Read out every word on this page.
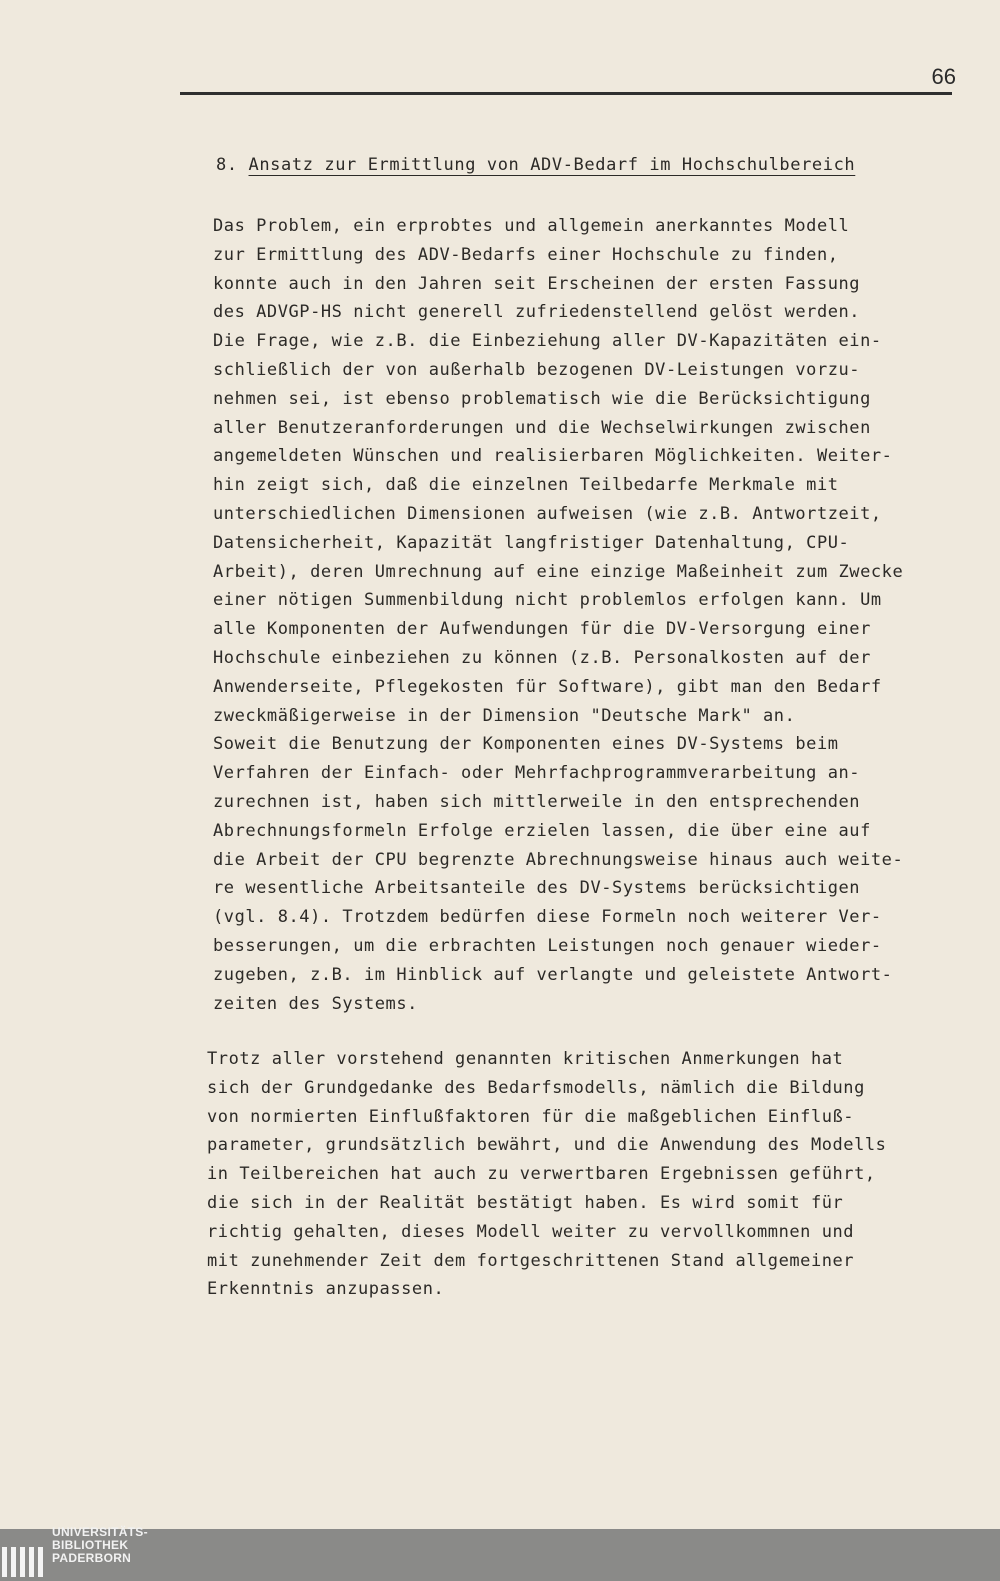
66
8. Ansatz zur Ermittlung von ADV-Bedarf im Hochschulbereich
Das Problem, ein erprobtes und allgemein anerkanntes Modell
zur Ermittlung des ADV-Bedarfs einer Hochschule zu finden,
konnte auch in den Jahren seit Erscheinen der ersten Fassung
des ADVGP-HS nicht generell zufriedenstellend gelöst werden.
Die Frage, wie z.B. die Einbeziehung aller DV-Kapazitäten ein-
schließlich der von außerhalb bezogenen DV-Leistungen vorzu-
nehmen sei, ist ebenso problematisch wie die Berücksichtigung
aller Benutzeranforderungen und die Wechselwirkungen zwischen
angemeldeten Wünschen und realisierbaren Möglichkeiten. Weiter-
hin zeigt sich, daß die einzelnen Teilbedarfe Merkmale mit
unterschiedlichen Dimensionen aufweisen (wie z.B. Antwortzeit,
Datensicherheit, Kapazität langfristiger Datenhaltung, CPU-
Arbeit), deren Umrechnung auf eine einzige Maßeinheit zum Zwecke
einer nötigen Summenbildung nicht problemlos erfolgen kann. Um
alle Komponenten der Aufwendungen für die DV-Versorgung einer
Hochschule einbeziehen zu können (z.B. Personalkosten auf der
Anwenderseite, Pflegekosten für Software), gibt man den Bedarf
zweckmäßigerweise in der Dimension "Deutsche Mark" an.
Soweit die Benutzung der Komponenten eines DV-Systems beim
Verfahren der Einfach- oder Mehrfachprogrammverarbeitung an-
zurechnen ist, haben sich mittlerweile in den entsprechenden
Abrechnungsformeln Erfolge erzielen lassen, die über eine auf
die Arbeit der CPU begrenzte Abrechnungsweise hinaus auch weite-
re wesentliche Arbeitsanteile des DV-Systems berücksichtigen
(vgl. 8.4). Trotzdem bedürfen diese Formeln noch weiterer Ver-
besserungen, um die erbrachten Leistungen noch genauer wieder-
zugeben, z.B. im Hinblick auf verlangte und geleistete Antwort-
zeiten des Systems.
Trotz aller vorstehend genannten kritischen Anmerkungen hat
sich der Grundgedanke des Bedarfsmodells, nämlich die Bildung
von normierten Einflußfaktoren für die maßgeblichen Einfluß-
parameter, grundsätzlich bewährt, und die Anwendung des Modells
in Teilbereichen hat auch zu verwertbaren Ergebnissen geführt,
die sich in der Realität bestätigt haben. Es wird somit für
richtig gehalten, dieses Modell weiter zu vervollkommnen und
mit zunehmender Zeit dem fortgeschrittenen Stand allgemeiner
Erkenntnis anzupassen.
UNIVERSITÄTS-
BIBLIOTHEK
PADERBORN
